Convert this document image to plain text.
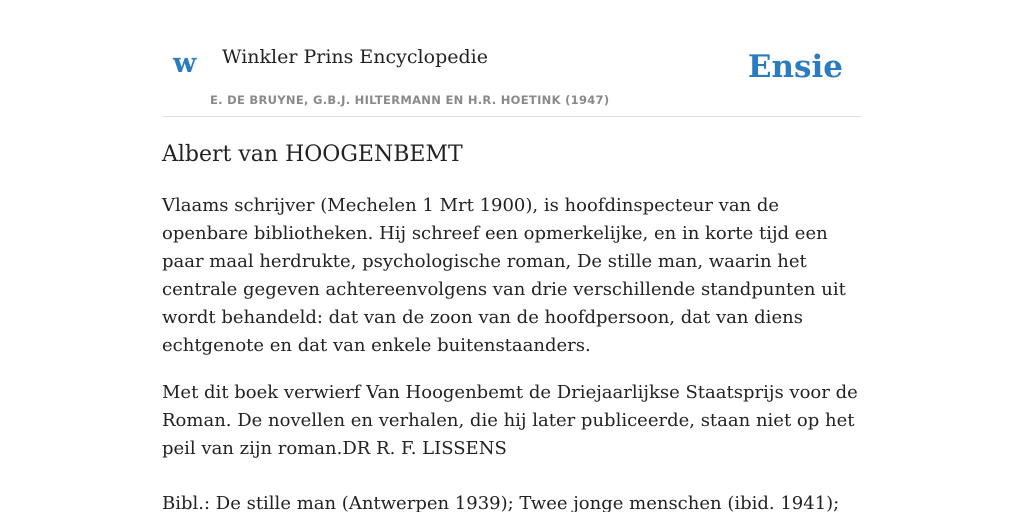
w Winkler Prins Encyclopedie
E. DE BRUYNE, G.B.J. HILTERMANN EN H.R. HOETINK (1947)
Ensie
Albert van HOOGENBEMT

Vlaams schrijver (Mechelen 1 Mrt 1900), is hoofdinspecteur van de openbare bibliotheken. Hij schreef een opmerkelijke, en in korte tijd een paar maal herdrukte, psychologische roman, De stille man, waarin het centrale gegeven achtereenvolgens van drie verschillende standpunten uit wordt behandeld: dat van de zoon van de hoofdpersoon, dat van diens echtgenote en dat van enkele buitenstaanders.

Met dit boek verwierf Van Hoogenbemt de Driejaarlijkse Staatsprijs voor de Roman. De novellen en verhalen, die hij later publiceerde, staan niet op het peil van zijn roman.DR R. F. LISSENS

Bibl.: De stille man (Antwerpen 1939); Twee jonge menschen (ibid. 1941);
